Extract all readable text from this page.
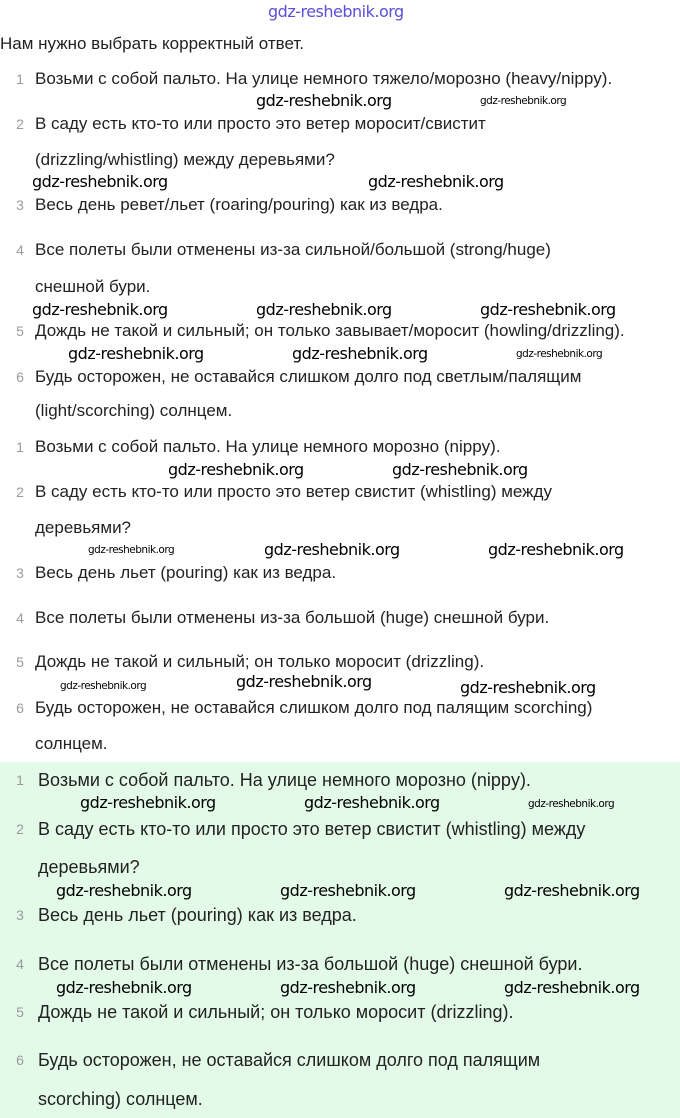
gdz-reshebnik.org
Нам нужно выбрать корректный ответ.
1 Возьми с собой пальто. На улице немного тяжело/морозно (heavy/nippy).
2 В саду есть кто-то или просто это ветер моросит/свистит
(drizzling/whistling) между деревьями?
3 Весь день ревет/льет (roaring/pouring) как из ведра.
4 Все полеты были отменены из-за сильной/большой (strong/huge)
снешной бури.
5 Дождь не такой и сильный; он только завывает/моросит (howling/drizzling).
6 Будь осторожен, не оставайся слишком долго под светлым/палящим
(light/scorching) солнцем.
1 Возьми с собой пальто. На улице немного морозно (nippy).
2 В саду есть кто-то или просто это ветер свистит (whistling) между
деревьями?
3 Весь день льет (pouring) как из ведра.
4 Все полеты были отменены из-за большой (huge) снешной бури.
5 Дождь не такой и сильный; он только моросит (drizzling).
6 Будь осторожен, не оставайся слишком долго под палящим scorching)
солнцем.
1 Возьми с собой пальто. На улице немного морозно (nippy).
2 В саду есть кто-то или просто это ветер свистит (whistling) между
деревьями?
3 Весь день льет (pouring) как из ведра.
4 Все полеты были отменены из-за большой (huge) снешной бури.
5 Дождь не такой и сильный; он только моросит (drizzling).
6 Будь осторожен, не оставайся слишком долго под палящим
scorching) солнцем.
gdz-reshebnik.org
gdz-reshebnik.org
gdz-reshebnik.org	gdz-reshebnik.org
gdz-reshebnik.org	gdz-reshebnik.org	gdz-reshebnik.org
gdz-reshebnik.org	gdz-reshebnik.org	gdz-reshebnik.org
gdz-reshebnik.org	gdz-reshebnik.org
gdz-reshebnik.org	gdz-reshebnik.org	gdz-reshebnik.org
gdz-reshebnik.org	gdz-reshebnik.org
gdz-reshebnik.org
gdz-reshebnik.org	gdz-reshebnik.org	gdz-reshebnik.org
gdz-reshebnik.org	gdz-reshebnik.org	gdz-reshebnik.org
gdz-reshebnik.org	gdz-reshebnik.org	gdz-reshebnik.org
